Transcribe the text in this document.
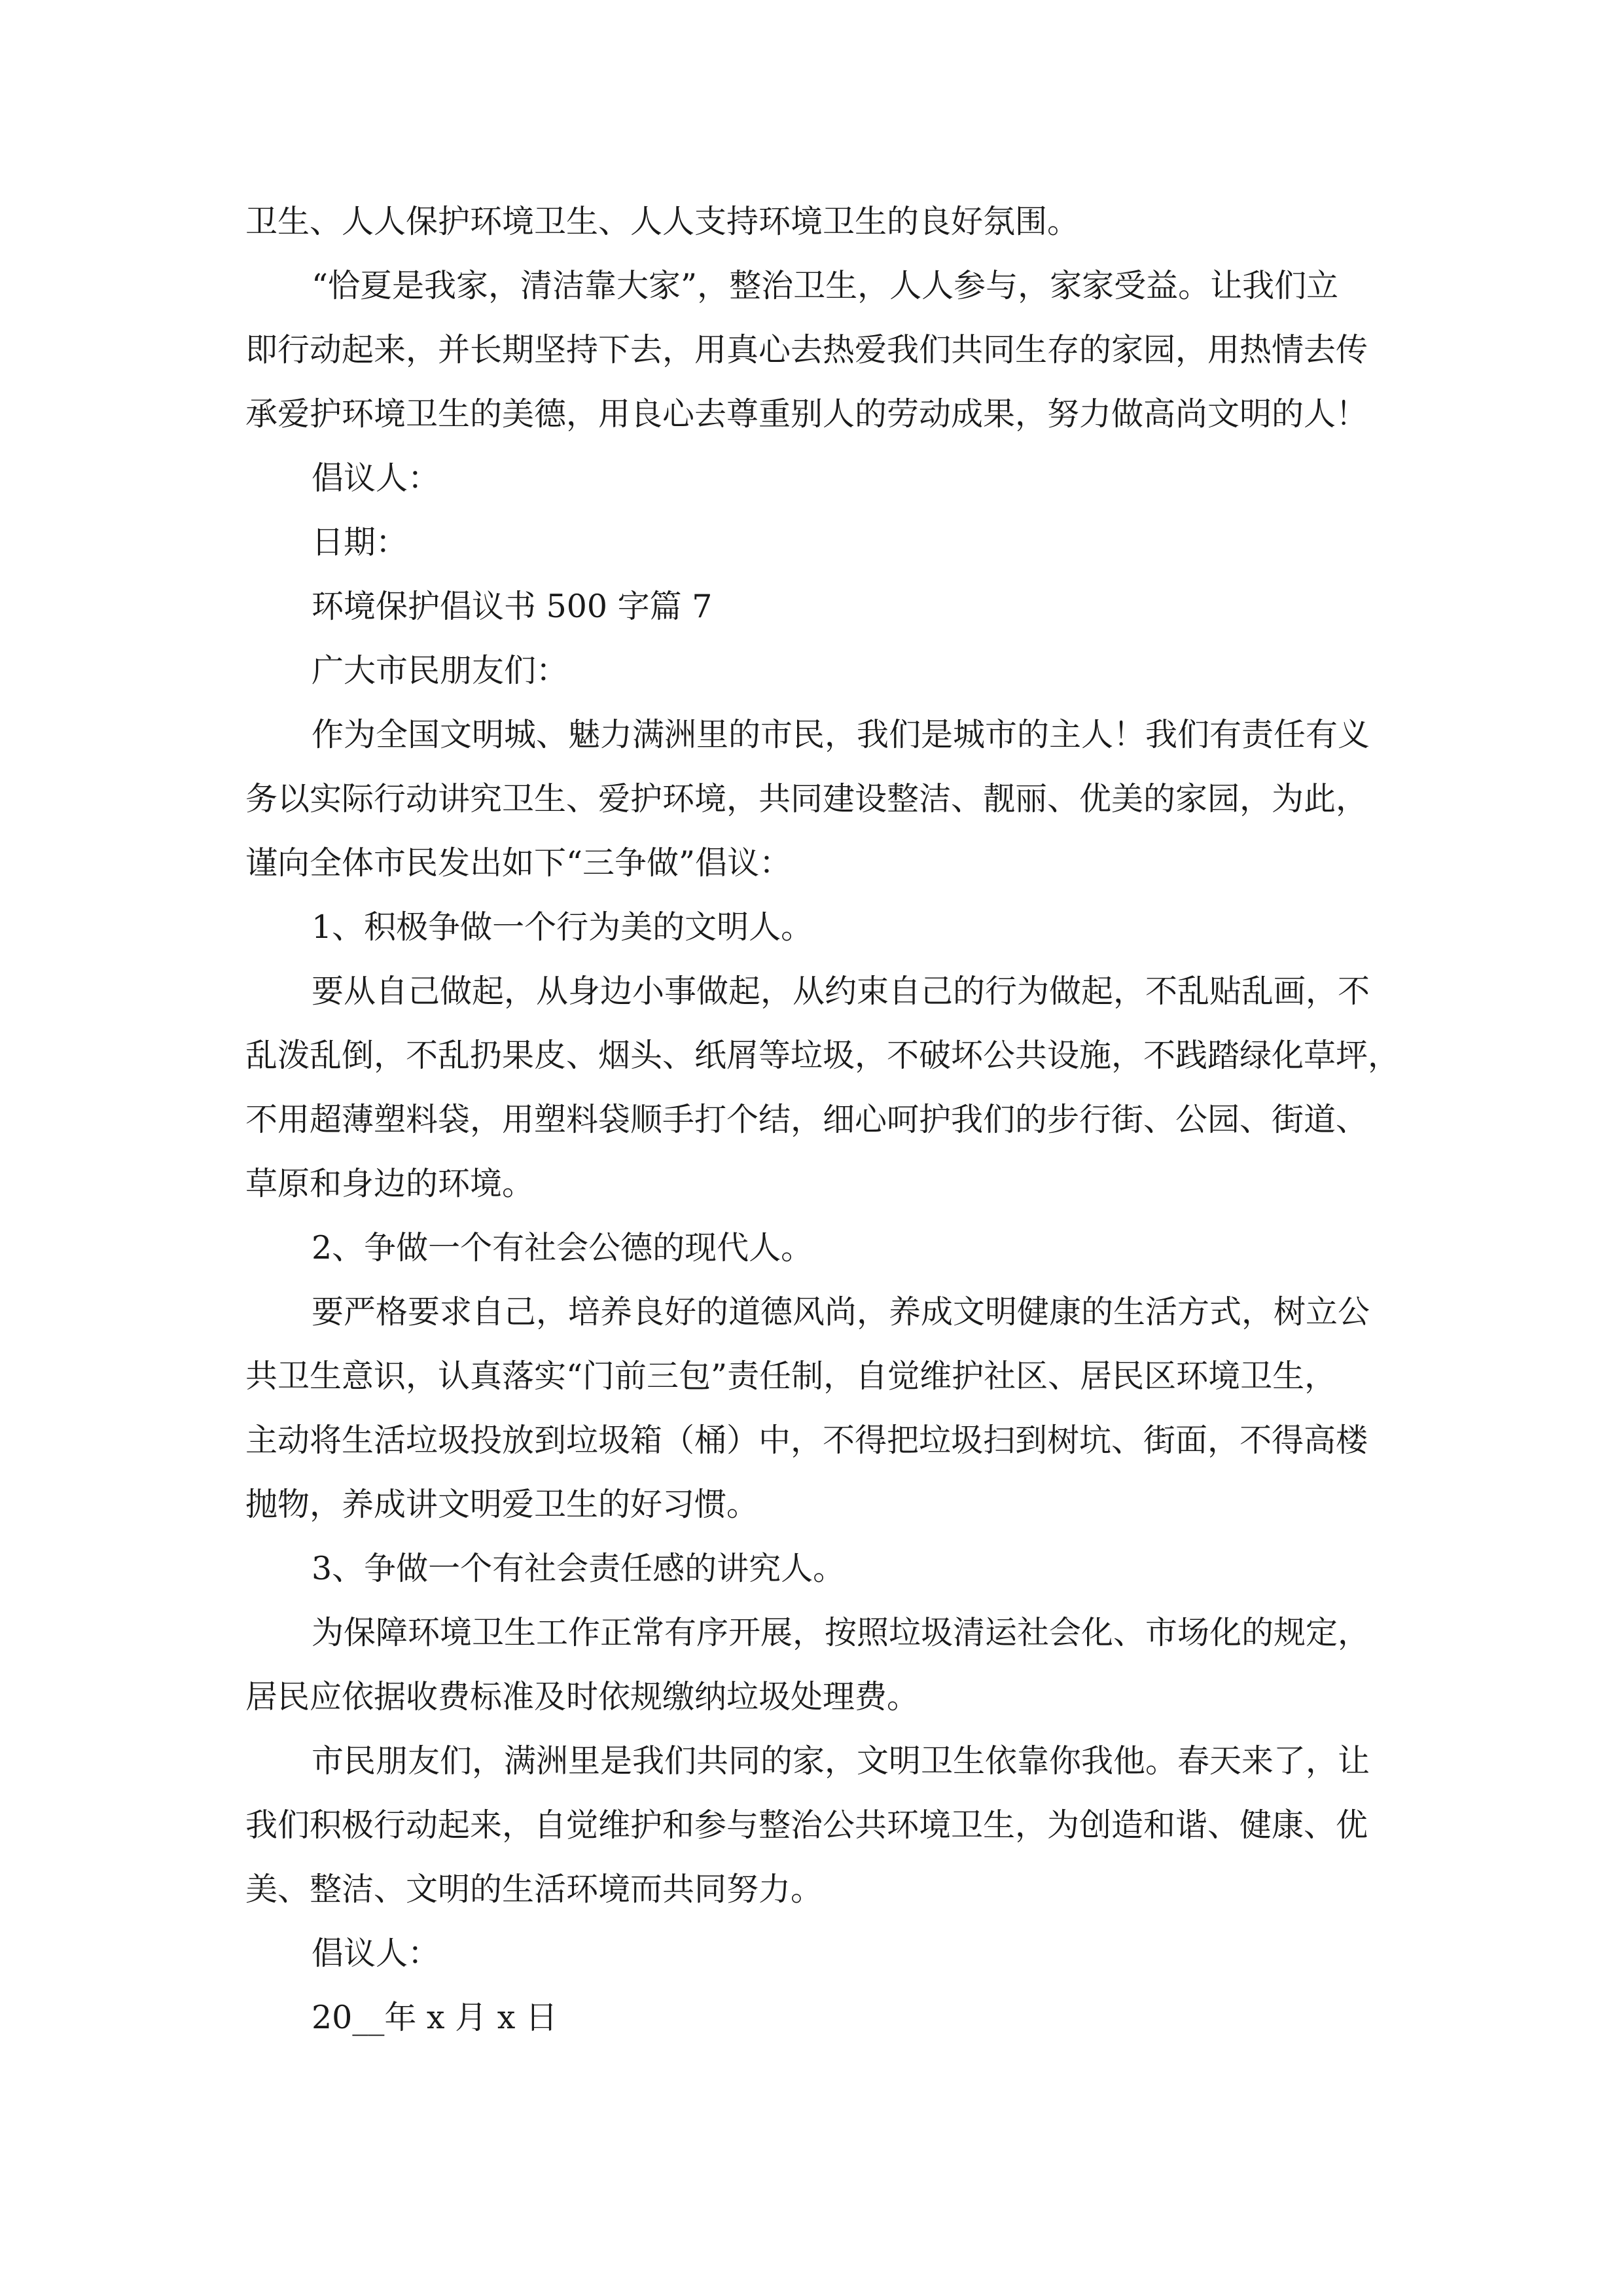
卫生、人人保护环境卫生、人人支持环境卫生的良好氛围。
“恰夏是我家，清洁靠大家”，整治卫生，人人参与，家家受益。让我们立
即行动起来，并长期坚持下去，用真心去热爱我们共同生存的家园，用热情去传
承爱护环境卫生的美德，用良心去尊重别人的劳动成果，努力做高尚文明的人！
倡议人：
日期：
环境保护倡议书 500 字篇 7
广大市民朋友们：
作为全国文明城、魅力满洲里的市民，我们是城市的主人！我们有责任有义
务以实际行动讲究卫生、爱护环境，共同建设整洁、靓丽、优美的家园，为此，
谨向全体市民发出如下“三争做”倡议：
1、积极争做一个行为美的文明人。
要从自己做起，从身边小事做起，从约束自己的行为做起，不乱贴乱画，不
乱泼乱倒，不乱扔果皮、烟头、纸屑等垃圾，不破坏公共设施，不践踏绿化草坪，
不用超薄塑料袋，用塑料袋顺手打个结，细心呵护我们的步行街、公园、街道、
草原和身边的环境。
2、争做一个有社会公德的现代人。
要严格要求自己，培养良好的道德风尚，养成文明健康的生活方式，树立公
共卫生意识，认真落实“门前三包”责任制，自觉维护社区、居民区环境卫生，
主动将生活垃圾投放到垃圾箱（桶）中，不得把垃圾扫到树坑、街面，不得高楼
抛物，养成讲文明爱卫生的好习惯。
3、争做一个有社会责任感的讲究人。
为保障环境卫生工作正常有序开展，按照垃圾清运社会化、市场化的规定，
居民应依据收费标准及时依规缴纳垃圾处理费。
市民朋友们，满洲里是我们共同的家，文明卫生依靠你我他。春天来了，让
我们积极行动起来，自觉维护和参与整治公共环境卫生，为创造和谐、健康、优
美、整洁、文明的生活环境而共同努力。
倡议人：
20__年 x 月 x 日
